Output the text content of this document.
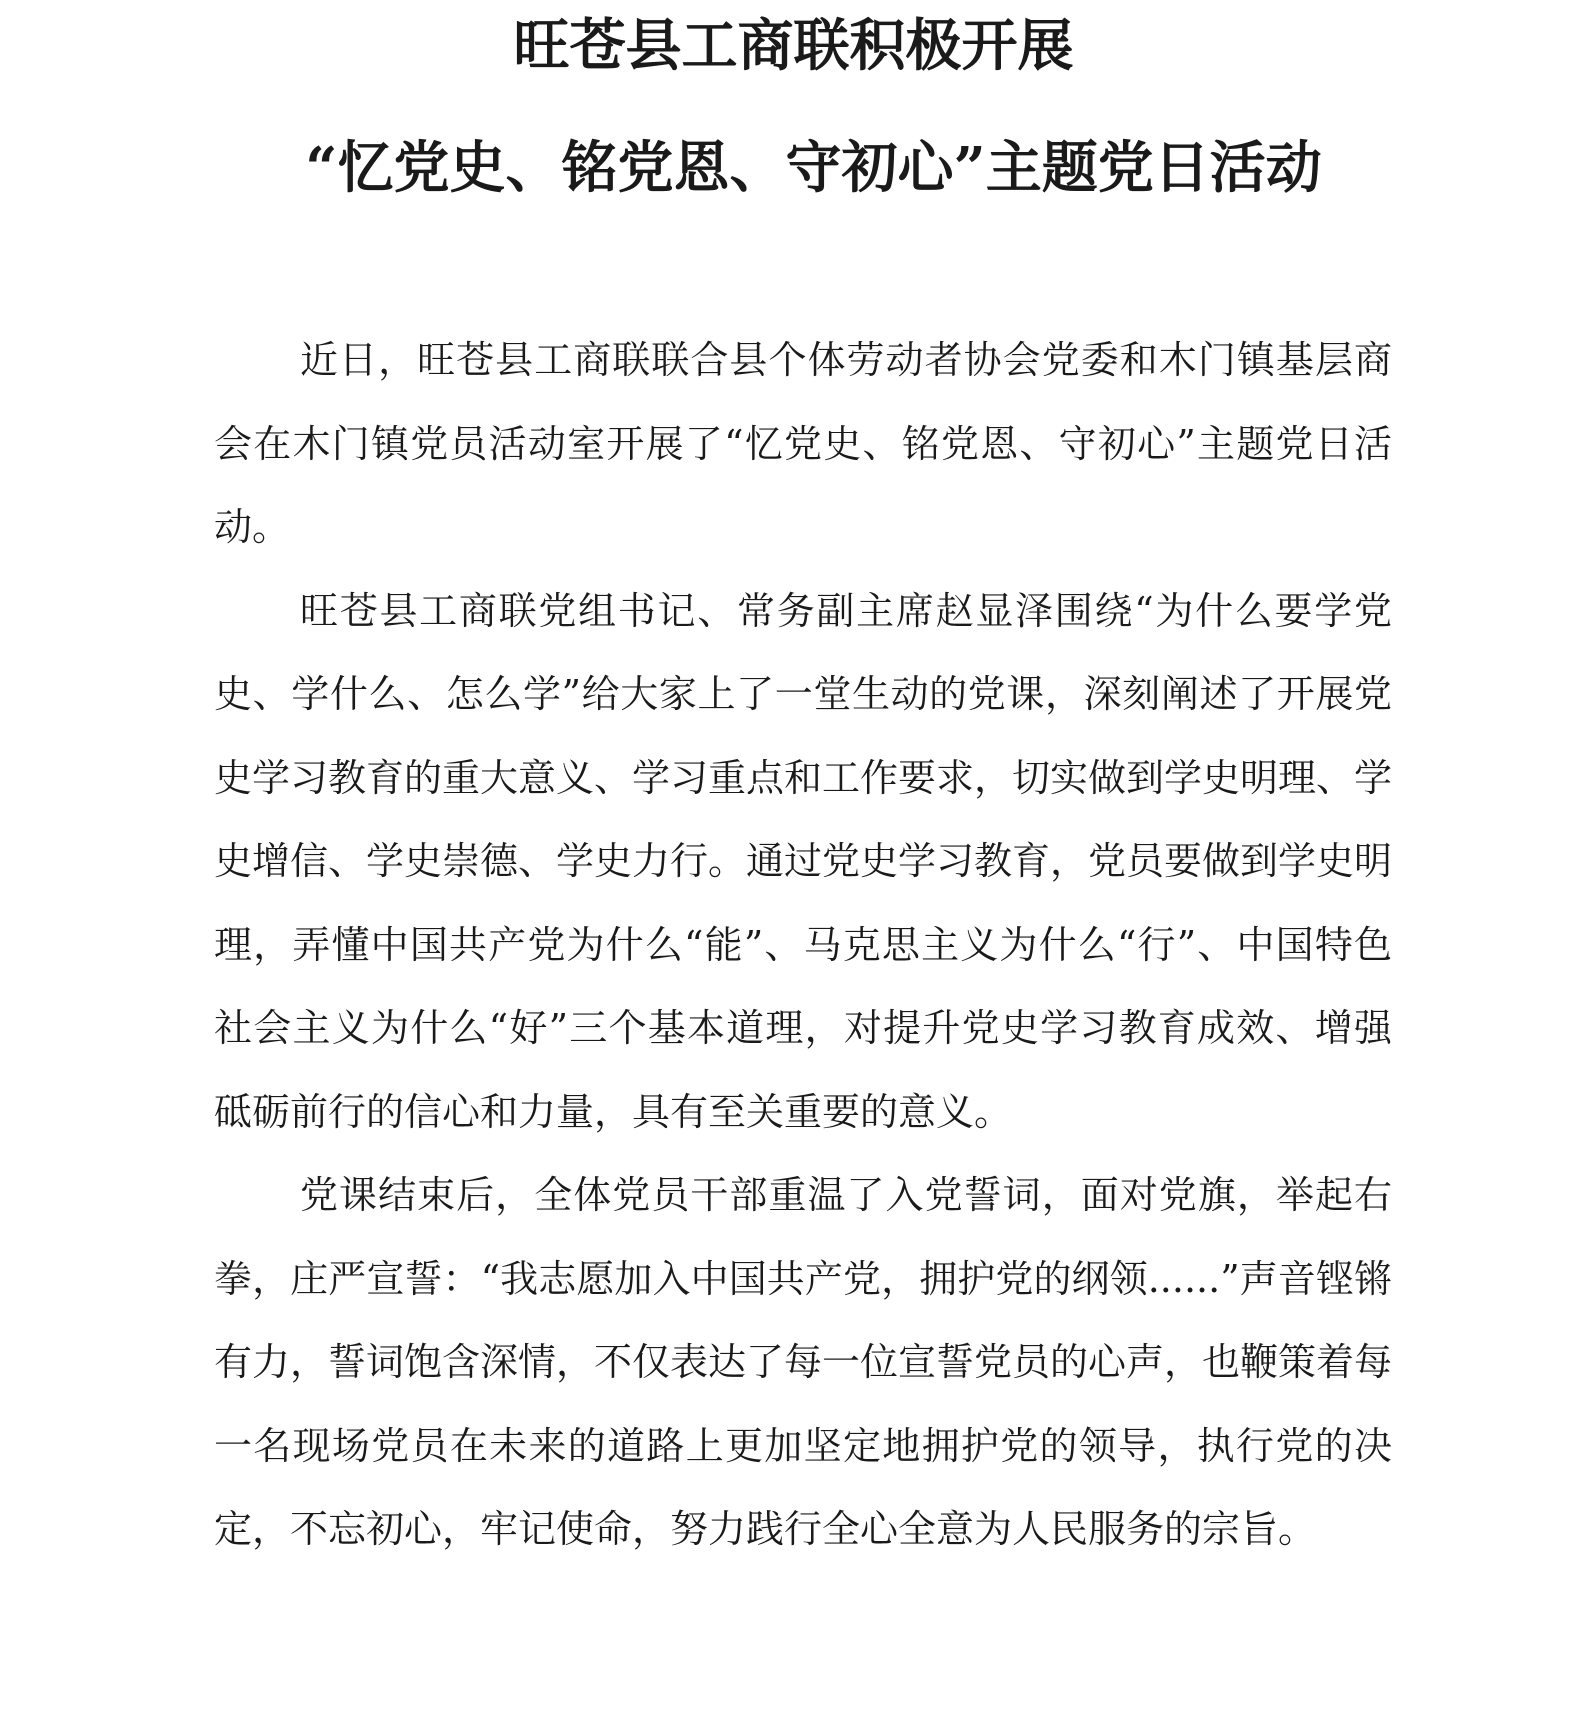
旺苍县工商联积极开展
“忆党史、铭党恩、守初心”主题党日活动

近日，旺苍县工商联联合县个体劳动者协会党委和木门镇基层商会在木门镇党员活动室开展了“忆党史、铭党恩、守初心”主题党日活动。

旺苍县工商联党组书记、常务副主席赵显泽围绕“为什么要学党史、学什么、怎么学”给大家上了一堂生动的党课，深刻阐述了开展党史学习教育的重大意义、学习重点和工作要求，切实做到学史明理、学史增信、学史崇德、学史力行。通过党史学习教育，党员要做到学史明理，弄懂中国共产党为什么“能”、马克思主义为什么“行”、中国特色社会主义为什么“好”三个基本道理，对提升党史学习教育成效、增强砥砺前行的信心和力量，具有至关重要的意义。

党课结束后，全体党员干部重温了入党誓词，面对党旗，举起右拳，庄严宣誓：“我志愿加入中国共产党，拥护党的纲领......”声音铿锵有力，誓词饱含深情，不仅表达了每一位宣誓党员的心声，也鞭策着每一名现场党员在未来的道路上更加坚定地拥护党的领导，执行党的决定，不忘初心，牢记使命，努力践行全心全意为人民服务的宗旨。
